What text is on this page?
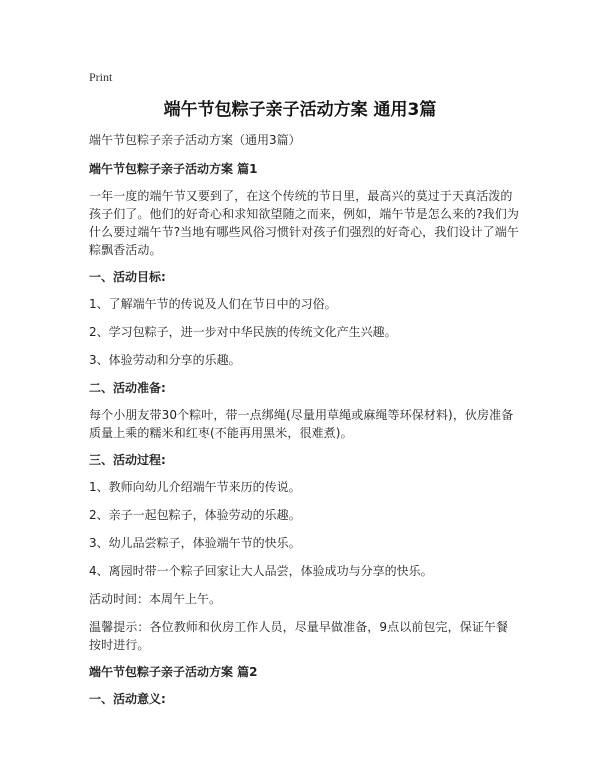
Print
端午节包粽子亲子活动方案 通用3篇
端午节包粽子亲子活动方案（通用3篇）
端午节包粽子亲子活动方案 篇1
一年一度的端午节又要到了，在这个传统的节日里，最高兴的莫过于天真活泼的孩子们了。他们的好奇心和求知欲望随之而来，例如，端午节是怎么来的?我们为什么要过端午节?当地有哪些风俗习惯针对孩子们强烈的好奇心，我们设计了端午粽飘香活动。
一、活动目标:
1、了解端午节的传说及人们在节日中的习俗。
2、学习包粽子，进一步对中华民族的传统文化产生兴趣。
3、体验劳动和分享的乐趣。
二、活动准备:
每个小朋友带30个粽叶，带一点绑绳(尽量用草绳或麻绳等环保材料)，伙房准备质量上乘的糯米和红枣(不能再用黑米，很难煮)。
三、活动过程:
1、教师向幼儿介绍端午节来历的传说。
2、亲子一起包粽子，体验劳动的乐趣。
3、幼儿品尝粽子，体验端午节的快乐。
4、离园时带一个粽子回家让大人品尝，体验成功与分享的快乐。
活动时间：本周午上午。
温馨提示：各位教师和伙房工作人员，尽量早做准备，9点以前包完，保证午餐按时进行。
端午节包粽子亲子活动方案 篇2
一、活动意义:
